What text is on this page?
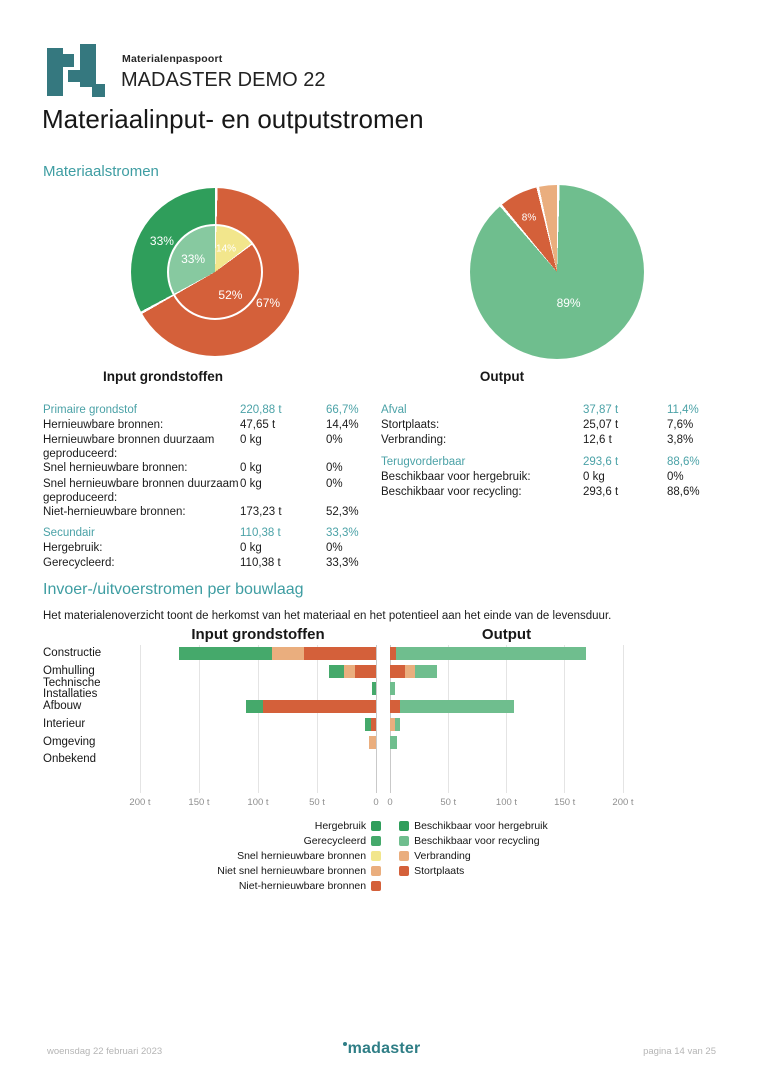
Materialenpaspoort
MADASTER DEMO 22
Materiaalinput- en outputstromen
Materiaalstromen
14%
52%
33%
67%
33%
89%
8%
Input grondstoffen	Output
Primaire grondstof	220,88 t	66,7%
Hernieuwbare bronnen:	47,65 t	14,4%
Hernieuwbare bronnen duurzaam geproduceerd:
0 kg	0%
Snel hernieuwbare bronnen:	0 kg	0%
Snel hernieuwbare bronnen duurzaam geproduceerd:
0 kg	0%
Niet-hernieuwbare bronnen:	173,23 t	52,3%
Secundair	110,38 t	33,3%
Hergebruik:	0 kg	0%
Gerecycleerd:	110,38 t	33,3%
Afval	37,87 t	11,4%
Stortplaats:	25,07 t	7,6%
Verbranding:	12,6 t	3,8%
Terugvorderbaar	293,6 t	88,6%
Beschikbaar voor hergebruik:	0 kg	0%
Beschikbaar voor recycling:	293,6 t	88,6%
Invoer-/uitvoerstromen per bouwlaag
Het materialenoverzicht toont de herkomst van het materiaal en het potentieel aan het einde van de levensduur.
Input grondstoffen	Output
Constructie
Omhulling
Technische Installaties
Afbouw
Interieur
Omgeving
Onbekend
200 t	150 t	100 t	50 t	0 0	50 t	100 t	150 t	200 t
Hergebruik
Gerecycleerd
Snel hernieuwbare bronnen
Niet snel hernieuwbare bronnen
Niet-hernieuwbare bronnen
Beschikbaar voor hergebruik
Beschikbaar voor recycling
Verbranding
Stortplaats
woensdag 22 februari 2023	madaster	pagina 14 van 25
